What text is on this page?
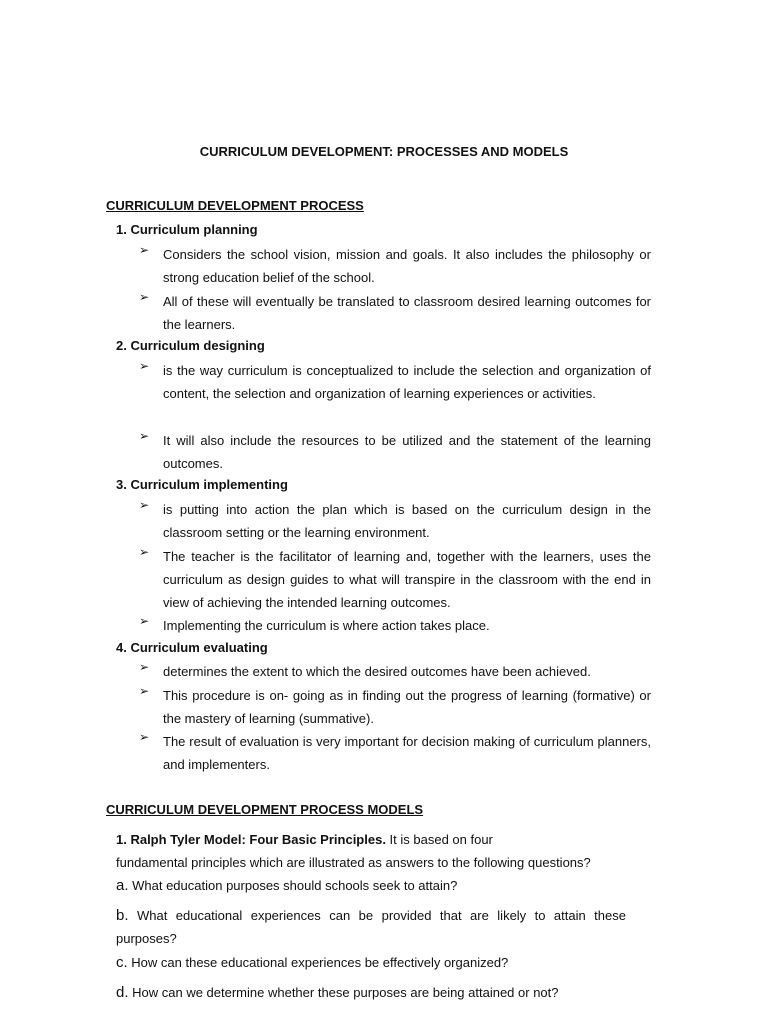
CURRICULUM DEVELOPMENT: PROCESSES AND MODELS
CURRICULUM DEVELOPMENT PROCESS
1. Curriculum planning
➢ Considers the school vision, mission and goals. It also includes the philosophy or strong education belief of the school.
➢ All of these will eventually be translated to classroom desired learning outcomes for the learners.
2. Curriculum designing
➢ is the way curriculum is conceptualized to include the selection and organization of content, the selection and organization of learning experiences or activities.
➢ It will also include the resources to be utilized and the statement of the learning outcomes.
3. Curriculum implementing
➢ is putting into action the plan which is based on the curriculum design in the classroom setting or the learning environment.
➢ The teacher is the facilitator of learning and, together with the learners, uses the curriculum as design guides to what will transpire in the classroom with the end in view of achieving the intended learning outcomes.
➢ Implementing the curriculum is where action takes place.
4. Curriculum evaluating
➢ determines the extent to which the desired outcomes have been achieved.
➢ This procedure is on- going as in finding out the progress of learning (formative) or the mastery of learning (summative).
➢ The result of evaluation is very important for decision making of curriculum planners, and implementers.
CURRICULUM DEVELOPMENT PROCESS MODELS
1. Ralph Tyler Model: Four Basic Principles. It is based on four
fundamental principles which are illustrated as answers to the following questions?
a. What education purposes should schools seek to attain?
b. What educational experiences can be provided that are likely to attain these purposes?
c. How can these educational experiences be effectively organized?
d. How can we determine whether these purposes are being attained or not?
